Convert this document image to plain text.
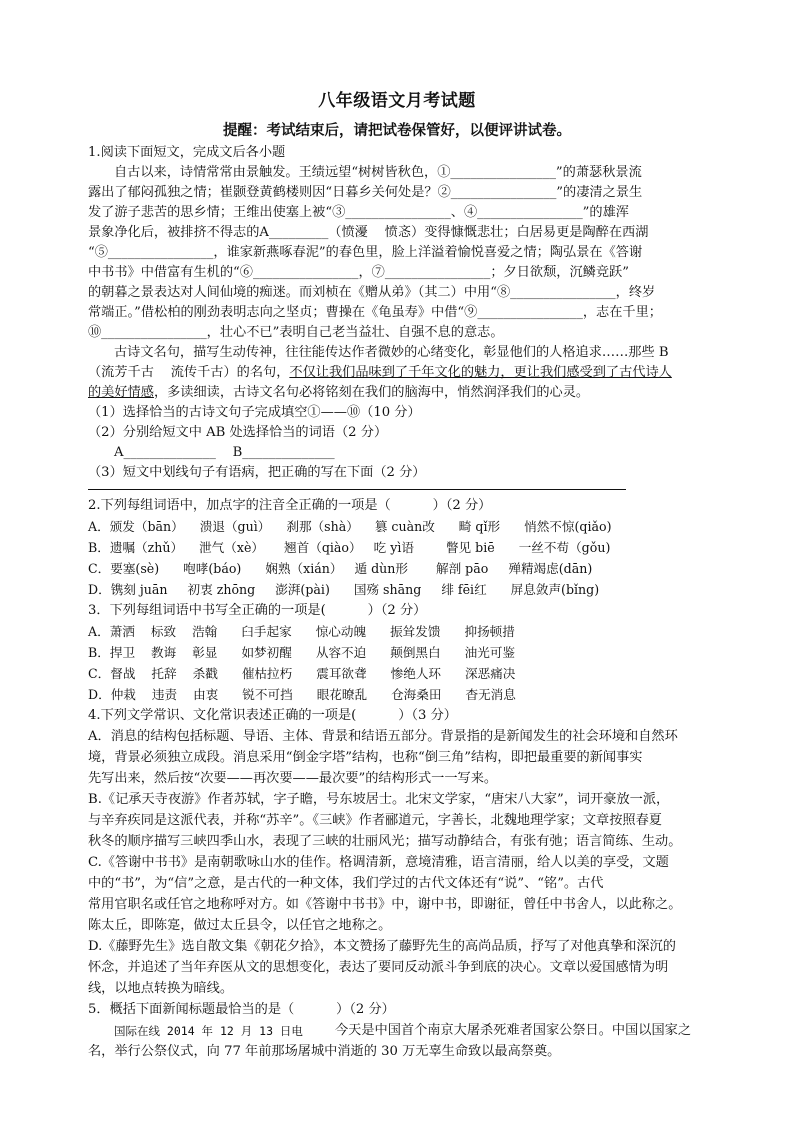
八年级语文月考试题
提醒：考试结束后，请把试卷保管好，以便评讲试卷。
1.阅读下面短文，完成文后各小题
自古以来，诗情常常由景触发。王绩远望“树树皆秋色，①________________”的萧瑟秋景流
露出了郁闷孤独之情；崔颢登黄鹤楼则因“日暮乡关何处是？②________________”的凄清之景生
发了游子悲苦的思乡情；王维出使塞上被“③________________、④________________”的雄浑
景象净化后，被排挤不得志的A_________（愤瀀    愤忞）变得慷慨悲壮；白居易更是陶醉在西湖
“⑤________________，谁家新燕啄春泥”的春色里，脸上洋溢着愉悦喜爱之情；陶弘景在《答谢
中书书》中借富有生机的“⑥________________，⑦________________；夕日欲颓，沉鳞竞跃”
的朝暮之景表达对人间仙境的痴迷。而刘桢在《赠从弟》（其二）中用“⑧________________，终岁
常端正。”借松柏的刚劲表明志向之坚贞；曹操在《龟虽寿》中借“⑨________________，志在千里；
⑩________________，壮心不已”表明自己老当益壮、自强不息的意志。
古诗文名句，描写生动传神，往往能传达作者微妙的心绪变化，彰显他们的人格追求……那些 B
（流芳千古    流传千古）的名句，不仅让我们品味到了千年文化的魅力，更让我们感受到了古代诗人
的美好情感，多读细读，古诗文名句必将铭刻在我们的脑海中，悄然润泽我们的心灵。
（1）选择恰当的古诗文句子完成填空①——⑩（10 分）
（2）分别给短文中 AB 处选择恰当的词语（2 分）
A______________    B______________
（3）短文中划线句子有语病，把正确的写在下面（2 分）
2.下列每组词语中，加点字的注音全正确的一项是（          ）（2 分）
A．颁发（bān）    溃退（guì）    刹那（shà）    篡 cuàn改      畸 qǐ形      悄然不惊(qiǎo)
B．遗嘱（zhǔ）    泄气（xè）     翘首（qiào）   吃 yì语        瞥见 biē      一丝不苟（gǒu)
C．要塞(sè)      咆哮(báo)      娴熟（xián）   遁 dùn形       解剖 pāo     殚精竭虑(dān)
D．镌刻 juān     初衷 zhōng     澎湃(pài)      国殇 shāng     绯 fēi红      屏息敛声(bǐng)
3．下列每组词语中书写全正确的一项是(          ）（2 分）
A．萧洒    标致    浩翰      臼手起家      惊心动魄      振耸发馈      抑扬顿措
B．捍卫    教诲    彰显      如梦初醒      从容不迫      颠倒黑白      油光可鉴
C．督战    托辞    杀戳      催枯拉朽      震耳欲聋      惨绝人环      深恶痛决
D．仲栽    违责    由衷      锐不可挡      眼花暸乱      仓海桑田      杳无消息
4.下列文学常识、文化常识表述正确的一项是(          ）（3 分）
A．消息的结构包括标题、导语、主体、背景和结语五部分。背景指的是新闻发生的社会环境和自然环
境，背景必须独立成段。消息采用“倒金字塔”结构，也称“倒三角”结构，即把最重要的新闻事实
先写出来，然后按“次要——再次要——最次要”的结构形式一一写来。
B.《记承天寺夜游》作者苏轼，字子瞻，号东坡居士。北宋文学家，“唐宋八大家”，词开豪放一派，
与辛弃疾同是这派代表，并称“苏辛”。《三峡》作者郦道元，字善长，北魏地理学家；文章按照春夏
秋冬的顺序描写三峡四季山水，表现了三峡的壮丽风光；描写动静结合，有张有弛；语言简练、生动。
C.《答谢中书书》是南朝歌咏山水的佳作。格调清新，意境清雅，语言清丽，给人以美的享受，文题
中的“书”，为“信”之意，是古代的一种文体，我们学过的古代文体还有“说”、“铭”。古代
常用官职名或任官之地称呼对方。如《答谢中书书》中，谢中书，即谢征，曾任中书舍人，以此称之。
陈太丘，即陈寔，做过太丘县令，以任官之地称之。
D.《藤野先生》选自散文集《朝花夕拾》，本文赞扬了藤野先生的高尚品质，抒写了对他真挚和深沉的
怀念，并追述了当年弃医从文的思想变化，表达了要同反动派斗争到底的决心。文章以爱国感情为明
线，以地点转换为暗线。
5．概括下面新闻标题最恰当的是（          ）（2 分）
国际在线 2014 年 12 月 13 日电 今天是中国首个南京大屠杀死难者国家公祭日。中国以国家之
名，举行公祭仪式，向 77 年前那场屠城中消逝的 30 万无辜生命致以最高祭奠。
